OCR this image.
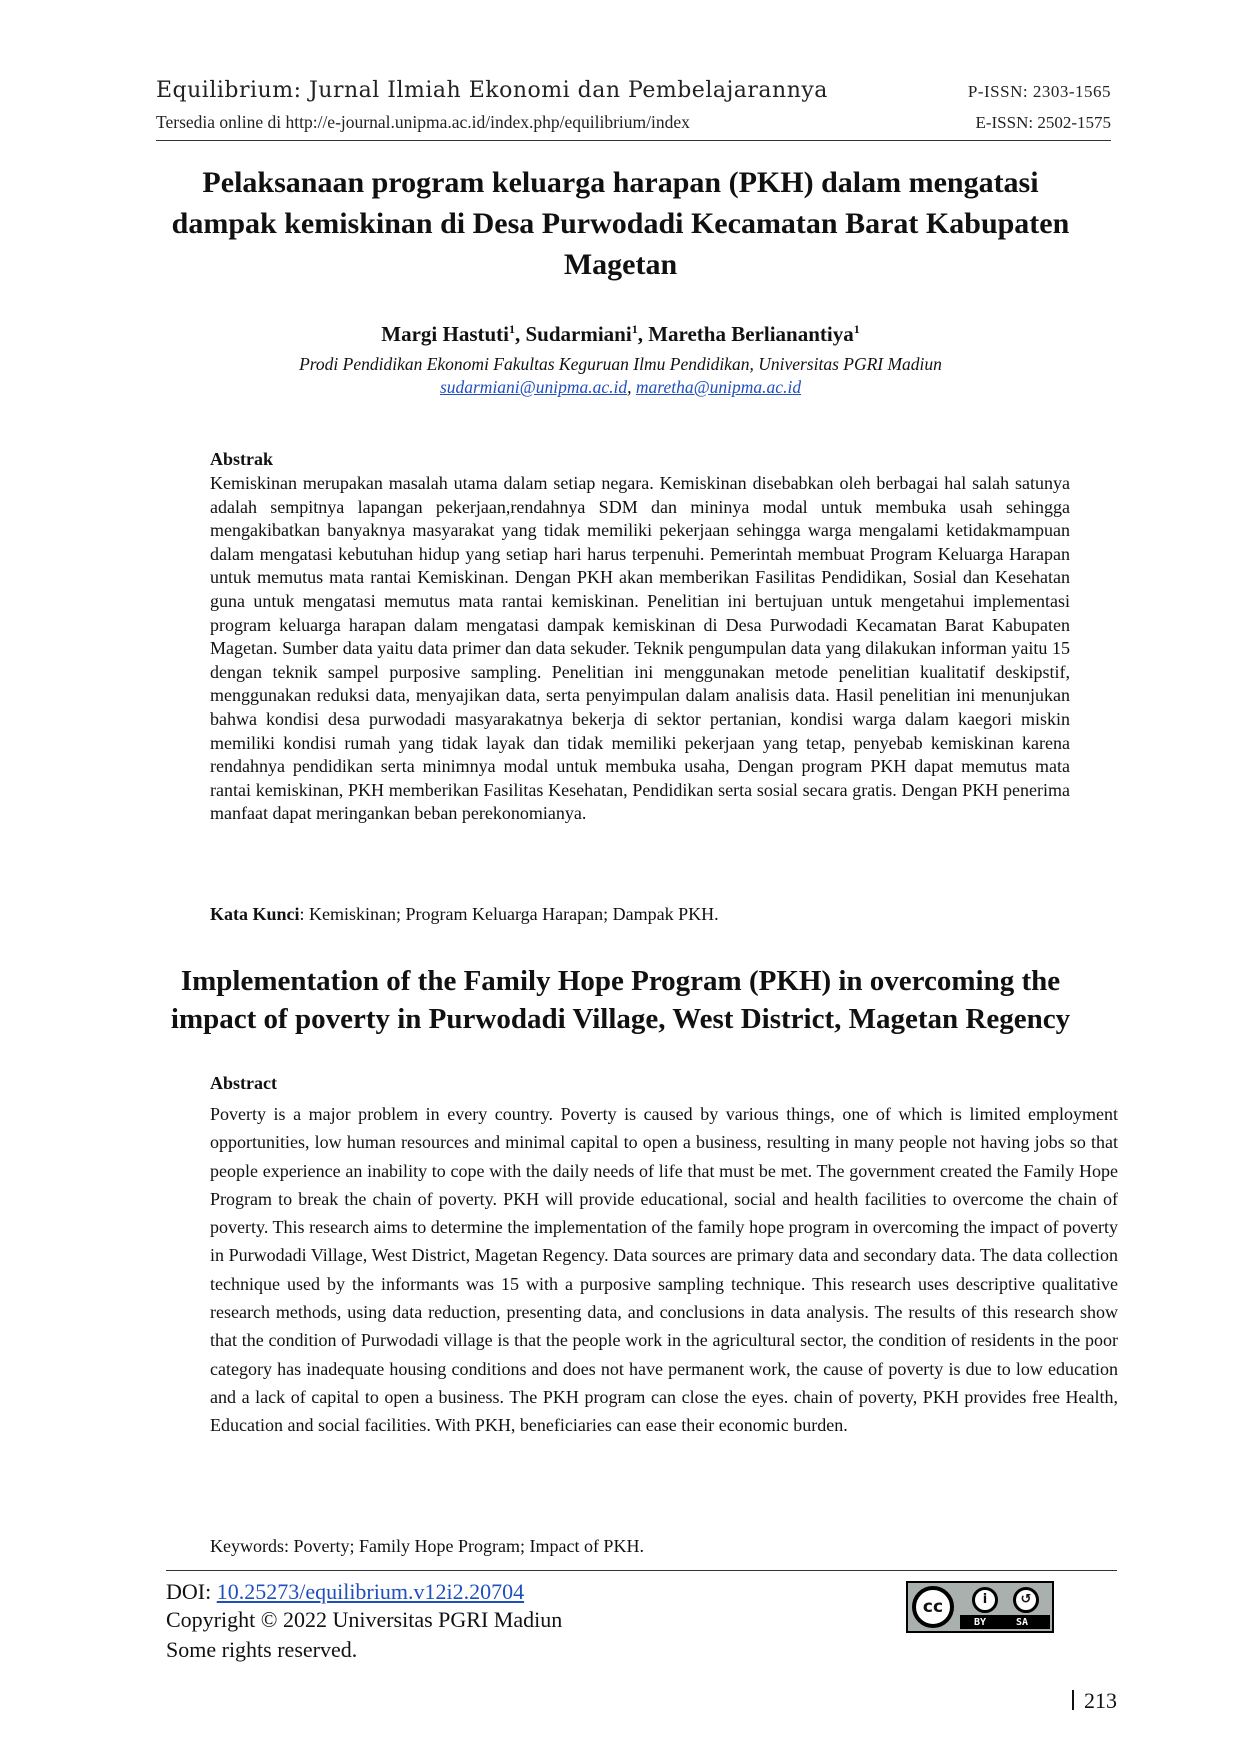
Equilibrium: Jurnal Ilmiah Ekonomi dan Pembelajarannya	P-ISSN: 2303-1565
Tersedia online di http://e-journal.unipma.ac.id/index.php/equilibrium/index	E-ISSN: 2502-1575
Pelaksanaan program keluarga harapan (PKH) dalam mengatasi dampak kemiskinan di Desa Purwodadi Kecamatan Barat Kabupaten Magetan
Margi Hastuti$^1$, Sudarmiani$^1$, Maretha Berlianantiya$^1$
Prodi Pendidikan Ekonomi Fakultas Keguruan Ilmu Pendidikan, Universitas PGRI Madiun
sudarmiani@unipma.ac.id, maretha@unipma.ac.id
Abstrak
Kemiskinan merupakan masalah utama dalam setiap negara. Kemiskinan disebabkan oleh berbagai hal salah satunya adalah sempitnya lapangan pekerjaan,rendahnya SDM dan mininya modal untuk membuka usah sehingga mengakibatkan banyaknya masyarakat yang tidak memiliki pekerjaan sehingga warga mengalami ketidakmampuan dalam mengatasi kebutuhan hidup yang setiap hari harus terpenuhi. Pemerintah membuat Program Keluarga Harapan untuk memutus mata rantai Kemiskinan. Dengan PKH akan memberikan Fasilitas Pendidikan, Sosial dan Kesehatan guna untuk mengatasi memutus mata rantai kemiskinan. Penelitian ini bertujuan untuk mengetahui implementasi program keluarga harapan dalam mengatasi dampak kemiskinan di Desa Purwodadi Kecamatan Barat Kabupaten Magetan. Sumber data yaitu data primer dan data sekuder. Teknik pengumpulan data yang dilakukan informan yaitu 15 dengan teknik sampel purposive sampling. Penelitian ini menggunakan metode penelitian kualitatif deskipstif, menggunakan reduksi data, menyajikan data, serta penyimpulan dalam analisis data. Hasil penelitian ini menunjukan bahwa kondisi desa purwodadi masyarakatnya bekerja di sektor pertanian, kondisi warga dalam kaegori miskin memiliki kondisi rumah yang tidak layak dan tidak memiliki pekerjaan yang tetap, penyebab kemiskinan karena rendahnya pendidikan serta minimnya modal untuk membuka usaha, Dengan program PKH dapat memutus mata rantai kemiskinan, PKH memberikan Fasilitas Kesehatan, Pendidikan serta sosial secara gratis. Dengan PKH penerima manfaat dapat meringankan beban perekonomianya.
Kata Kunci: Kemiskinan; Program Keluarga Harapan; Dampak PKH.
Implementation of the Family Hope Program (PKH) in overcoming the impact of poverty in Purwodadi Village, West District, Magetan Regency
Abstract
Poverty is a major problem in every country. Poverty is caused by various things, one of which is limited employment opportunities, low human resources and minimal capital to open a business, resulting in many people not having jobs so that people experience an inability to cope with the daily needs of life that must be met. The government created the Family Hope Program to break the chain of poverty. PKH will provide educational, social and health facilities to overcome the chain of poverty. This research aims to determine the implementation of the family hope program in overcoming the impact of poverty in Purwodadi Village, West District, Magetan Regency. Data sources are primary data and secondary data. The data collection technique used by the informants was 15 with a purposive sampling technique. This research uses descriptive qualitative research methods, using data reduction, presenting data, and conclusions in data analysis. The results of this research show that the condition of Purwodadi village is that the people work in the agricultural sector, the condition of residents in the poor category has inadequate housing conditions and does not have permanent work, the cause of poverty is due to low education and a lack of capital to open a business. The PKH program can close the eyes. chain of poverty, PKH provides free Health, Education and social facilities. With PKH, beneficiaries can ease their economic burden.
Keywords: Poverty; Family Hope Program; Impact of PKH.
DOI: 10.25273/equilibrium.v12i2.20704
Copyright © 2022 Universitas PGRI Madiun
Some rights reserved.
cc	i	↺
BY	SA
213
